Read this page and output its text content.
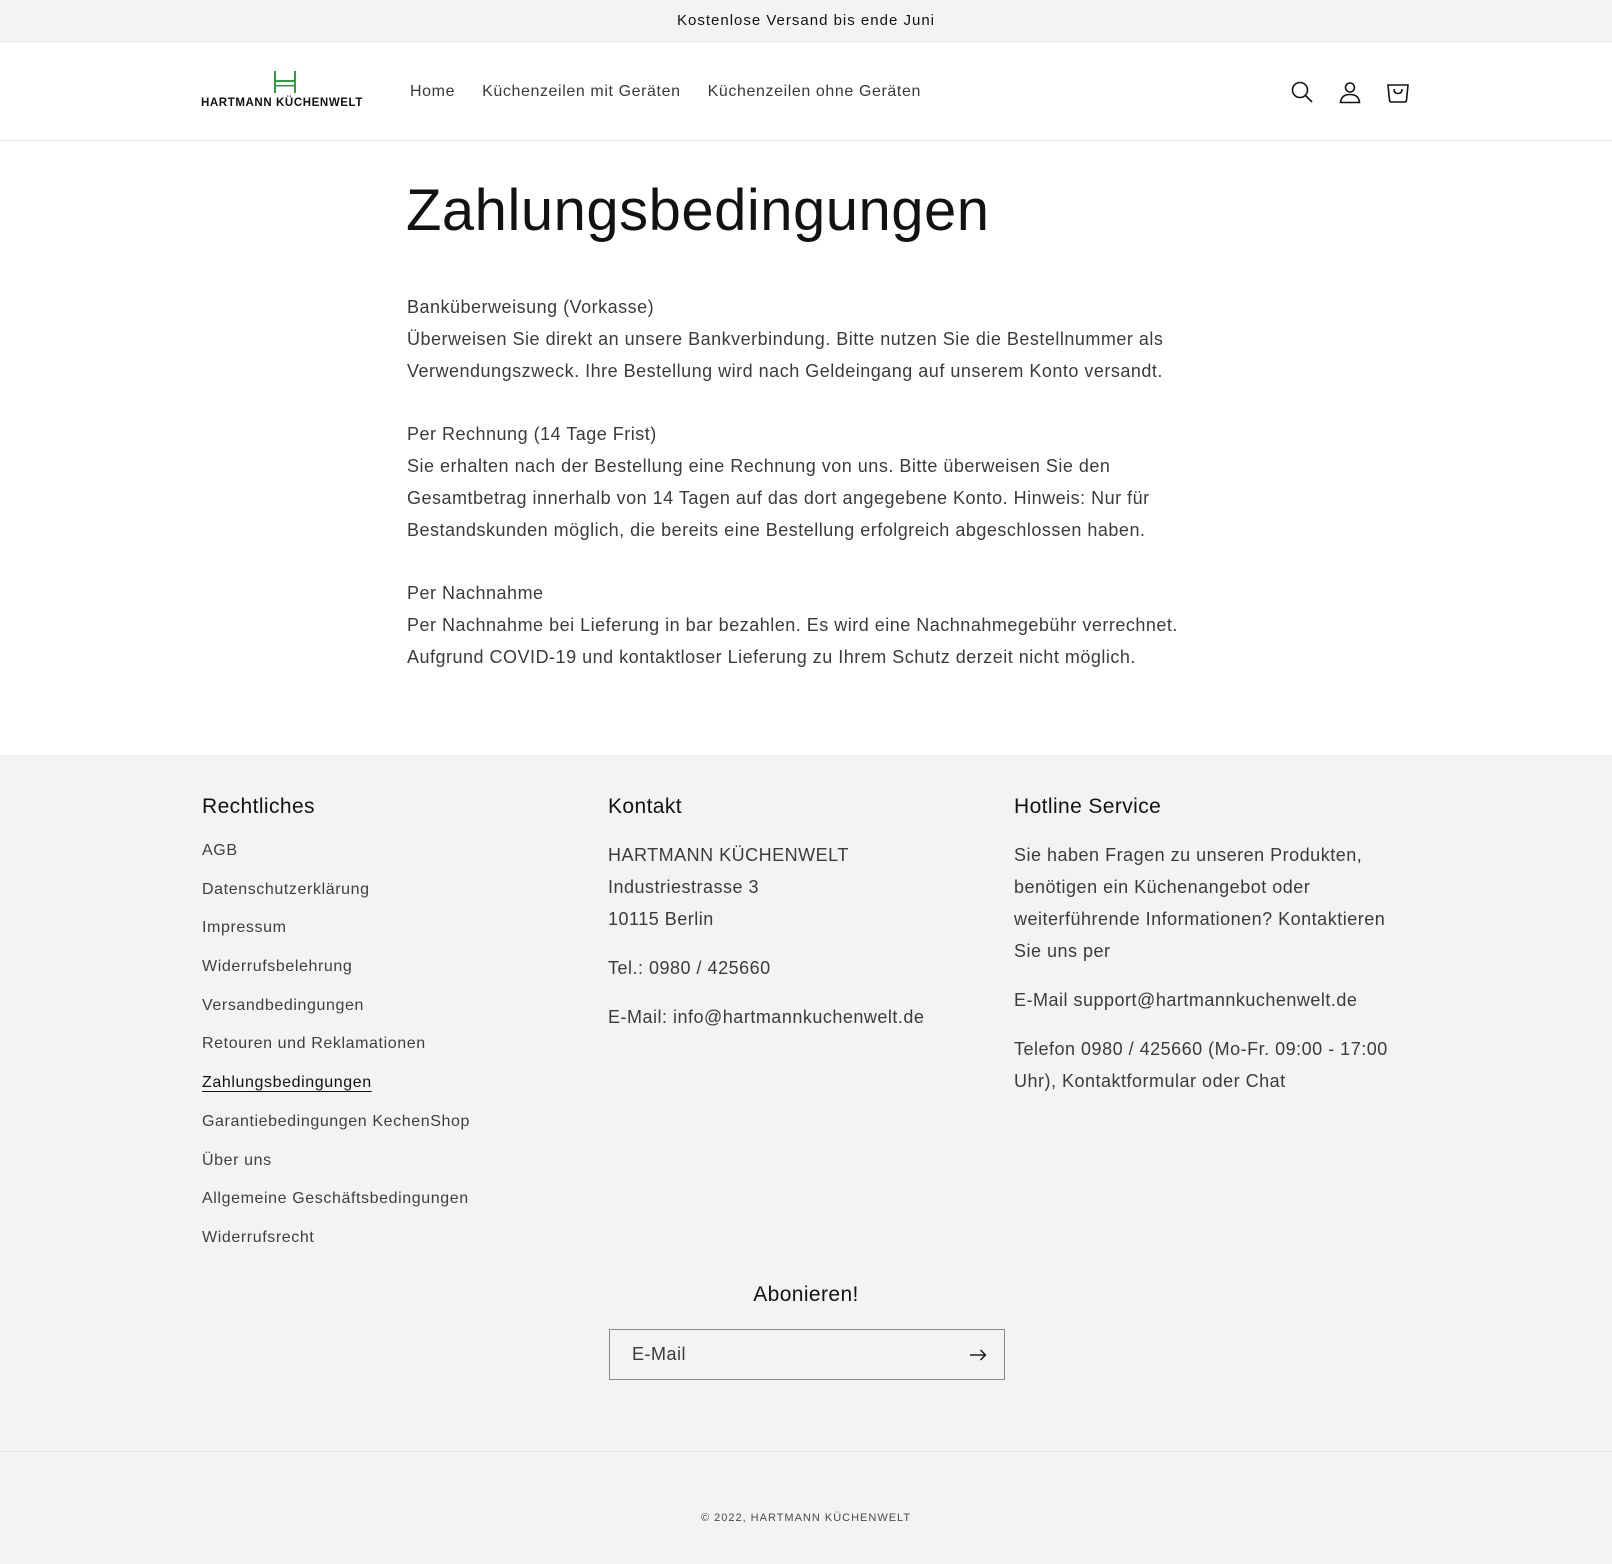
Kostenlose Versand bis ende Juni
HARTMANN KÜCHENWELT
Home	Küchenzeilen mit Geräten	Küchenzeilen ohne Geräten
Zahlungsbedingungen
Banküberweisung (Vorkasse)
Überweisen Sie direkt an unsere Bankverbindung. Bitte nutzen Sie die Bestellnummer als Verwendungszweck. Ihre Bestellung wird nach Geldeingang auf unserem Konto versandt.
Per Rechnung (14 Tage Frist)
Sie erhalten nach der Bestellung eine Rechnung von uns. Bitte überweisen Sie den Gesamtbetrag innerhalb von 14 Tagen auf das dort angegebene Konto. Hinweis: Nur für Bestandskunden möglich, die bereits eine Bestellung erfolgreich abgeschlossen haben.
Per Nachnahme
Per Nachnahme bei Lieferung in bar bezahlen. Es wird eine Nachnahmegebühr verrechnet. Aufgrund COVID-19 und kontaktloser Lieferung zu Ihrem Schutz derzeit nicht möglich.
Rechtliches
AGB
Datenschutzerklärung
Impressum
Widerrufsbelehrung
Versandbedingungen
Retouren und Reklamationen
Zahlungsbedingungen
Garantiebedingungen KechenShop
Über uns
Allgemeine Geschäftsbedingungen
Widerrufsrecht
Kontakt

HARTMANN KÜCHENWELT
Industriestrasse 3
10115 Berlin

Tel.: 0980 / 425660

E-Mail: info@hartmannkuchenwelt.de

Hotline Service

Sie haben Fragen zu unseren Produkten, benötigen ein Küchenangebot oder weiterführende Informationen? Kontaktieren Sie uns per

E-Mail support@hartmannkuchenwelt.de

Telefon 0980 / 425660 (Mo-Fr. 09:00 - 17:00 Uhr), Kontaktformular oder Chat

Abonieren!
E-Mail
© 2022, HARTMANN KÜCHENWELT
